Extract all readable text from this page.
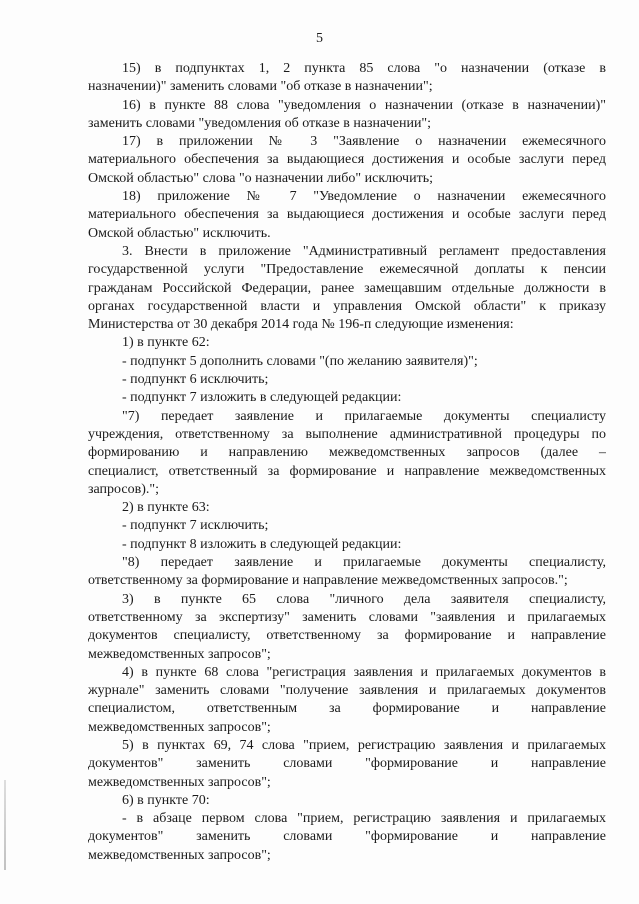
5
15) в подпунктах 1, 2 пункта 85 слова "о назначении (отказе в
назначении)" заменить словами "об отказе в назначении";
16) в пункте 88 слова "уведомления о назначении (отказе в назначении)"
заменить словами "уведомления об отказе в назначении";
17) в приложении № 3 "Заявление о назначении ежемесячного
материального обеспечения за выдающиеся достижения и особые заслуги перед
Омской областью" слова "о назначении либо" исключить;
18) приложение № 7 "Уведомление о назначении ежемесячного
материального обеспечения за выдающиеся достижения и особые заслуги перед
Омской областью" исключить.
3. Внести в приложение "Административный регламент предоставления
государственной услуги "Предоставление ежемесячной доплаты к пенсии
гражданам Российской Федерации, ранее замещавшим отдельные должности в
органах государственной власти и управления Омской области" к приказу
Министерства от 30 декабря 2014 года № 196-п следующие изменения:
1) в пункте 62:
- подпункт 5 дополнить словами "(по желанию заявителя)";
- подпункт 6 исключить;
- подпункт 7 изложить в следующей редакции:
"7) передает заявление и прилагаемые документы специалисту
учреждения, ответственному за выполнение административной процедуры по
формированию и направлению межведомственных запросов (далее –
специалист, ответственный за формирование и направление межведомственных
запросов).";
2) в пункте 63:
- подпункт 7 исключить;
- подпункт 8 изложить в следующей редакции:
"8) передает заявление и прилагаемые документы специалисту,
ответственному за формирование и направление межведомственных запросов.";
3) в пункте 65 слова "личного дела заявителя специалисту,
ответственному за экспертизу" заменить словами "заявления и прилагаемых
документов специалисту, ответственному за формирование и направление
межведомственных запросов";
4) в пункте 68 слова "регистрация заявления и прилагаемых документов в
журнале" заменить словами "получение заявления и прилагаемых документов
специалистом, ответственным за формирование и направление
межведомственных запросов";
5) в пунктах 69, 74 слова "прием, регистрацию заявления и прилагаемых
документов" заменить словами "формирование и направление
межведомственных запросов";
6) в пункте 70:
- в абзаце первом слова "прием, регистрацию заявления и прилагаемых
документов" заменить словами "формирование и направление
межведомственных запросов";
